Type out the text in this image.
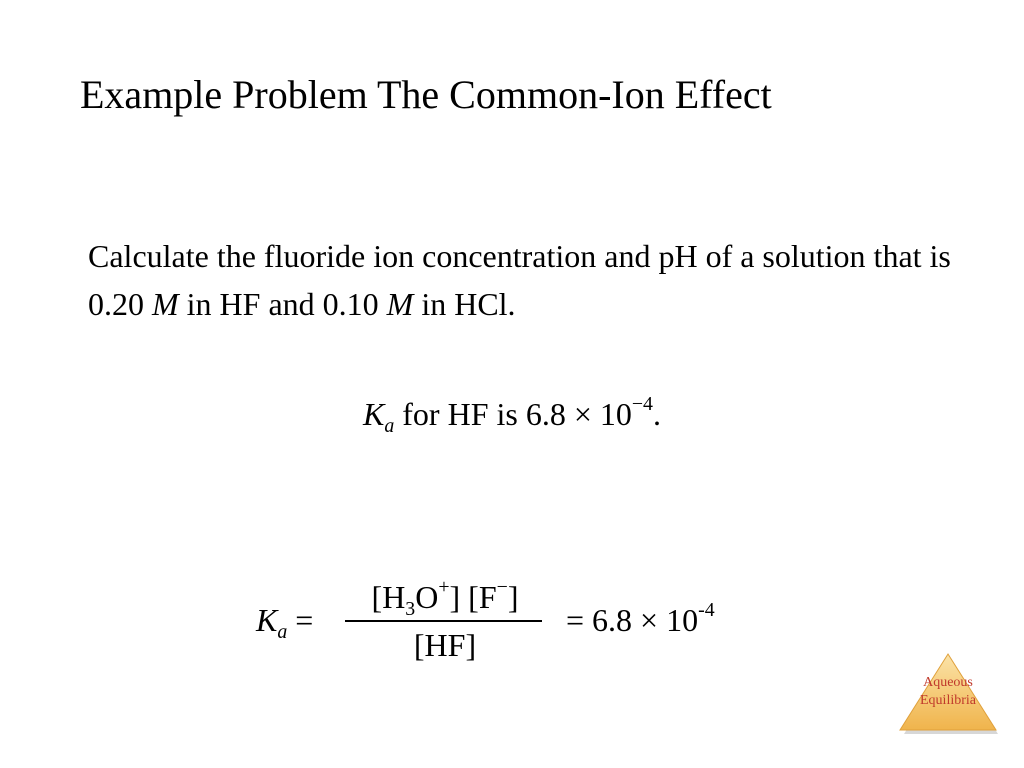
Example Problem The Common-Ion Effect
Calculate the fluoride ion concentration and pH of a solution that is 0.20 M in HF and 0.10 M in HCl.
$K_a$ for HF is $6.8 \times 10^{-4}$.
$K_a$ =
$[H_3O^+]$ [F−]
[HF]
= $6.8 \times 10^{-4}$
Aqueous
Equilibria
